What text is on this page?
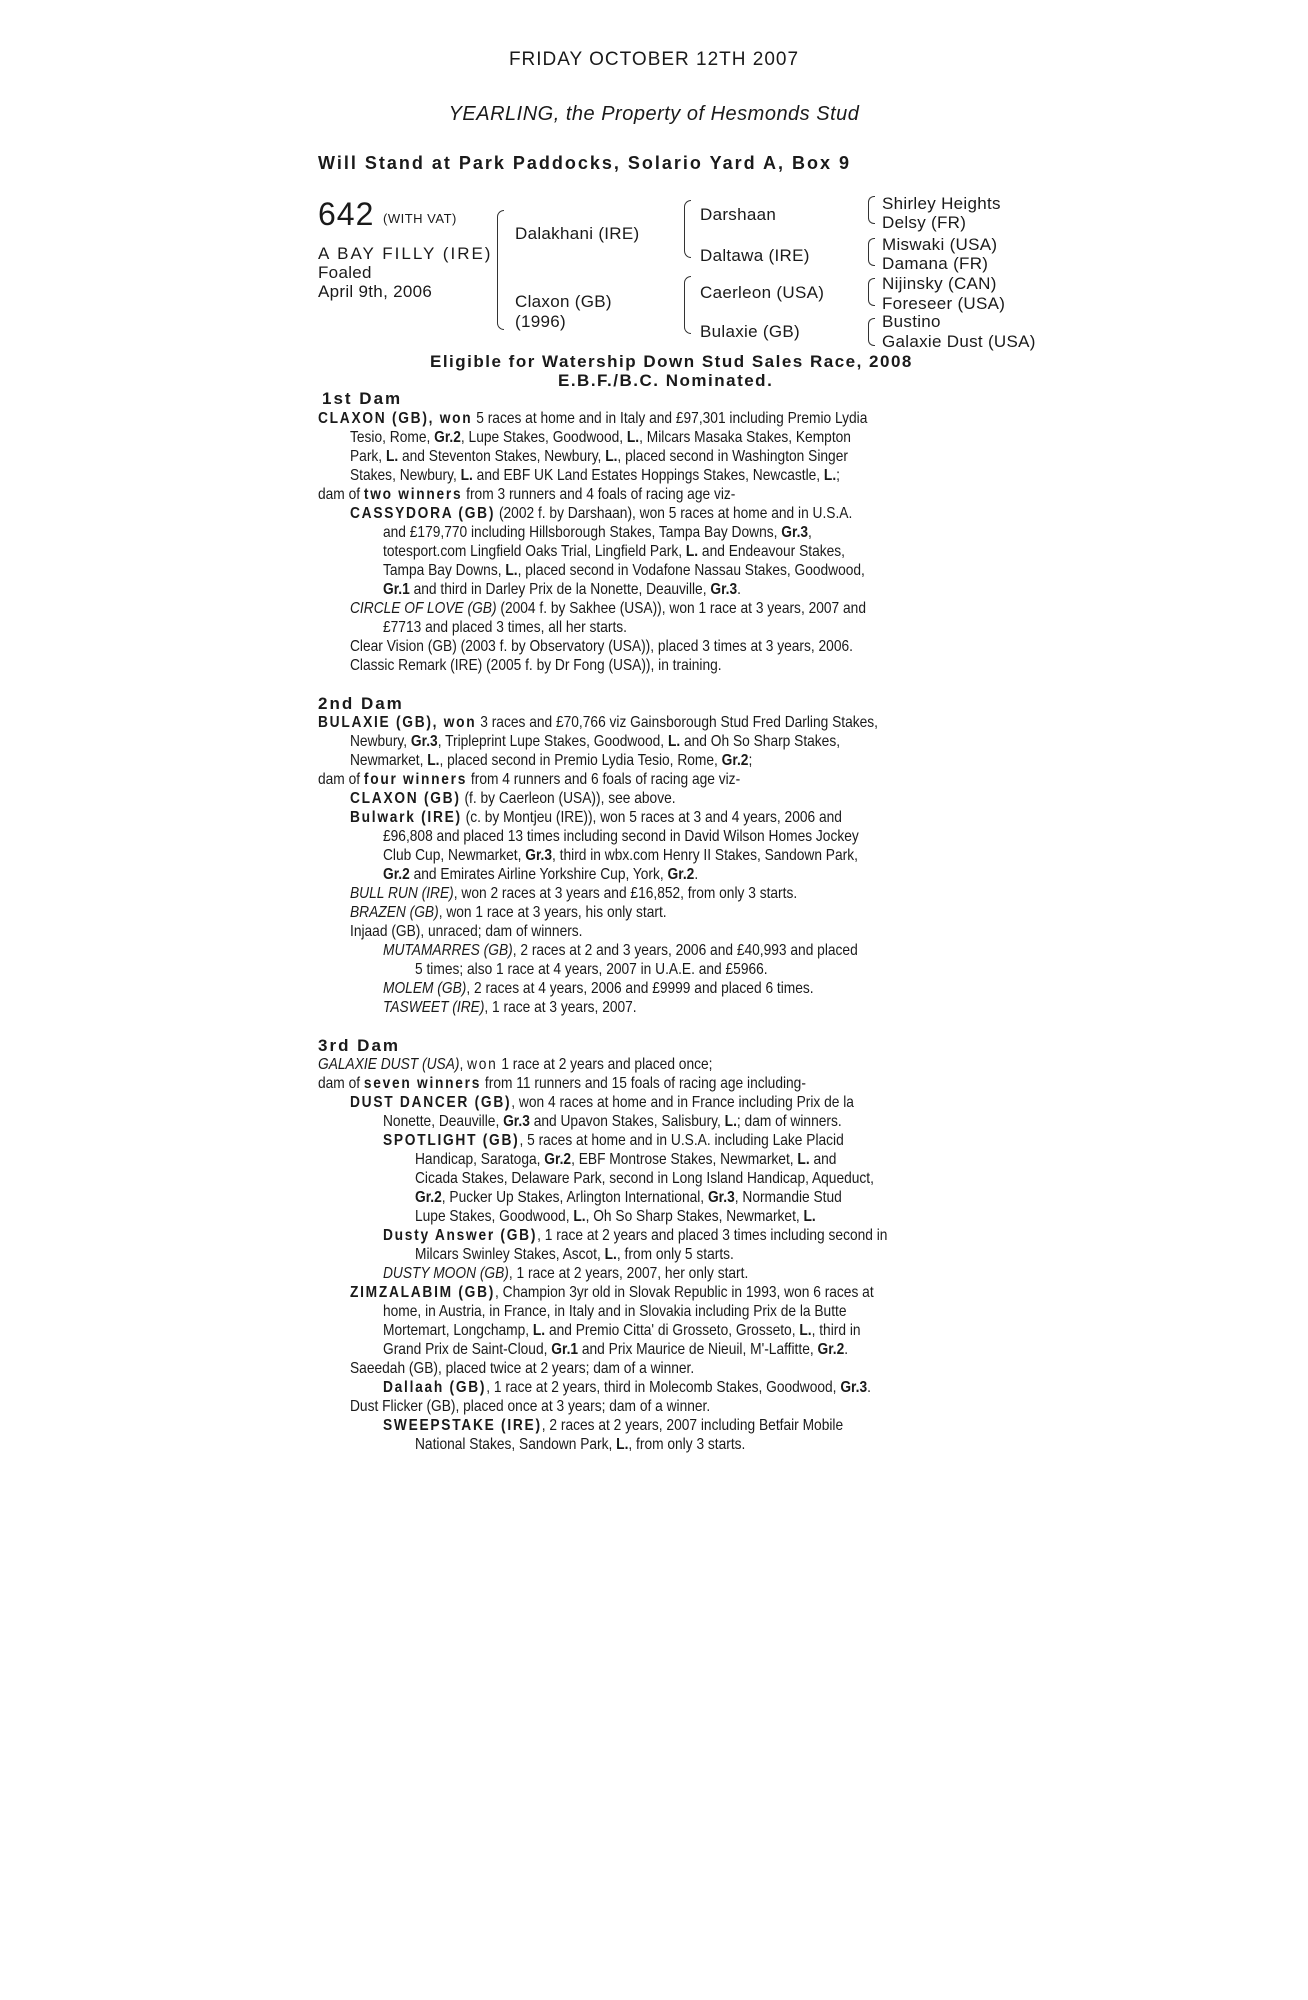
FRIDAY OCTOBER 12TH 2007
YEARLING, the Property of Hesmonds Stud
Will Stand at Park Paddocks, Solario Yard A, Box 9
642 (WITH VAT)
A BAY FILLY (IRE)
Foaled
April 9th, 2006
Dalakhani (IRE)
Claxon (GB)
(1996)
Darshaan
Daltawa (IRE)
Caerleon (USA)
Bulaxie (GB)
Shirley Heights
Delsy (FR)
Miswaki (USA)
Damana (FR)
Nijinsky (CAN)
Foreseer (USA)
Bustino
Galaxie Dust (USA)
Eligible for Watership Down Stud Sales Race, 2008
E.B.F./B.C. Nominated.
1st Dam
CLAXON (GB), won 5 races at home and in Italy and £97,301 including Premio Lydia
Tesio, Rome, Gr.2, Lupe Stakes, Goodwood, L., Milcars Masaka Stakes, Kempton
Park, L. and Steventon Stakes, Newbury, L., placed second in Washington Singer
Stakes, Newbury, L. and EBF UK Land Estates Hoppings Stakes, Newcastle, L.;
dam of two winners from 3 runners and 4 foals of racing age viz-
CASSYDORA (GB) (2002 f. by Darshaan), won 5 races at home and in U.S.A.
and £179,770 including Hillsborough Stakes, Tampa Bay Downs, Gr.3,
totesport.com Lingfield Oaks Trial, Lingfield Park, L. and Endeavour Stakes,
Tampa Bay Downs, L., placed second in Vodafone Nassau Stakes, Goodwood,
Gr.1 and third in Darley Prix de la Nonette, Deauville, Gr.3.
CIRCLE OF LOVE (GB) (2004 f. by Sakhee (USA)), won 1 race at 3 years, 2007 and
£7713 and placed 3 times, all her starts.
Clear Vision (GB) (2003 f. by Observatory (USA)), placed 3 times at 3 years, 2006.
Classic Remark (IRE) (2005 f. by Dr Fong (USA)), in training.
2nd Dam
BULAXIE (GB), won 3 races and £70,766 viz Gainsborough Stud Fred Darling Stakes,
Newbury, Gr.3, Tripleprint Lupe Stakes, Goodwood, L. and Oh So Sharp Stakes,
Newmarket, L., placed second in Premio Lydia Tesio, Rome, Gr.2;
dam of four winners from 4 runners and 6 foals of racing age viz-
CLAXON (GB) (f. by Caerleon (USA)), see above.
Bulwark (IRE) (c. by Montjeu (IRE)), won 5 races at 3 and 4 years, 2006 and
£96,808 and placed 13 times including second in David Wilson Homes Jockey
Club Cup, Newmarket, Gr.3, third in wbx.com Henry II Stakes, Sandown Park,
Gr.2 and Emirates Airline Yorkshire Cup, York, Gr.2.
BULL RUN (IRE), won 2 races at 3 years and £16,852, from only 3 starts.
BRAZEN (GB), won 1 race at 3 years, his only start.
Injaad (GB), unraced; dam of winners.
MUTAMARRES (GB), 2 races at 2 and 3 years, 2006 and £40,993 and placed
5 times; also 1 race at 4 years, 2007 in U.A.E. and £5966.
MOLEM (GB), 2 races at 4 years, 2006 and £9999 and placed 6 times.
TASWEET (IRE), 1 race at 3 years, 2007.
3rd Dam
GALAXIE DUST (USA), won 1 race at 2 years and placed once;
dam of seven winners from 11 runners and 15 foals of racing age including-
DUST DANCER (GB), won 4 races at home and in France including Prix de la
Nonette, Deauville, Gr.3 and Upavon Stakes, Salisbury, L.; dam of winners.
SPOTLIGHT (GB), 5 races at home and in U.S.A. including Lake Placid
Handicap, Saratoga, Gr.2, EBF Montrose Stakes, Newmarket, L. and
Cicada Stakes, Delaware Park, second in Long Island Handicap, Aqueduct,
Gr.2, Pucker Up Stakes, Arlington International, Gr.3, Normandie Stud
Lupe Stakes, Goodwood, L., Oh So Sharp Stakes, Newmarket, L.
Dusty Answer (GB), 1 race at 2 years and placed 3 times including second in
Milcars Swinley Stakes, Ascot, L., from only 5 starts.
DUSTY MOON (GB), 1 race at 2 years, 2007, her only start.
ZIMZALABIM (GB), Champion 3yr old in Slovak Republic in 1993, won 6 races at
home, in Austria, in France, in Italy and in Slovakia including Prix de la Butte
Mortemart, Longchamp, L. and Premio Citta' di Grosseto, Grosseto, L., third in
Grand Prix de Saint-Cloud, Gr.1 and Prix Maurice de Nieuil, M'-Laffitte, Gr.2.
Saeedah (GB), placed twice at 2 years; dam of a winner.
Dallaah (GB), 1 race at 2 years, third in Molecomb Stakes, Goodwood, Gr.3.
Dust Flicker (GB), placed once at 3 years; dam of a winner.
SWEEPSTAKE (IRE), 2 races at 2 years, 2007 including Betfair Mobile
National Stakes, Sandown Park, L., from only 3 starts.
